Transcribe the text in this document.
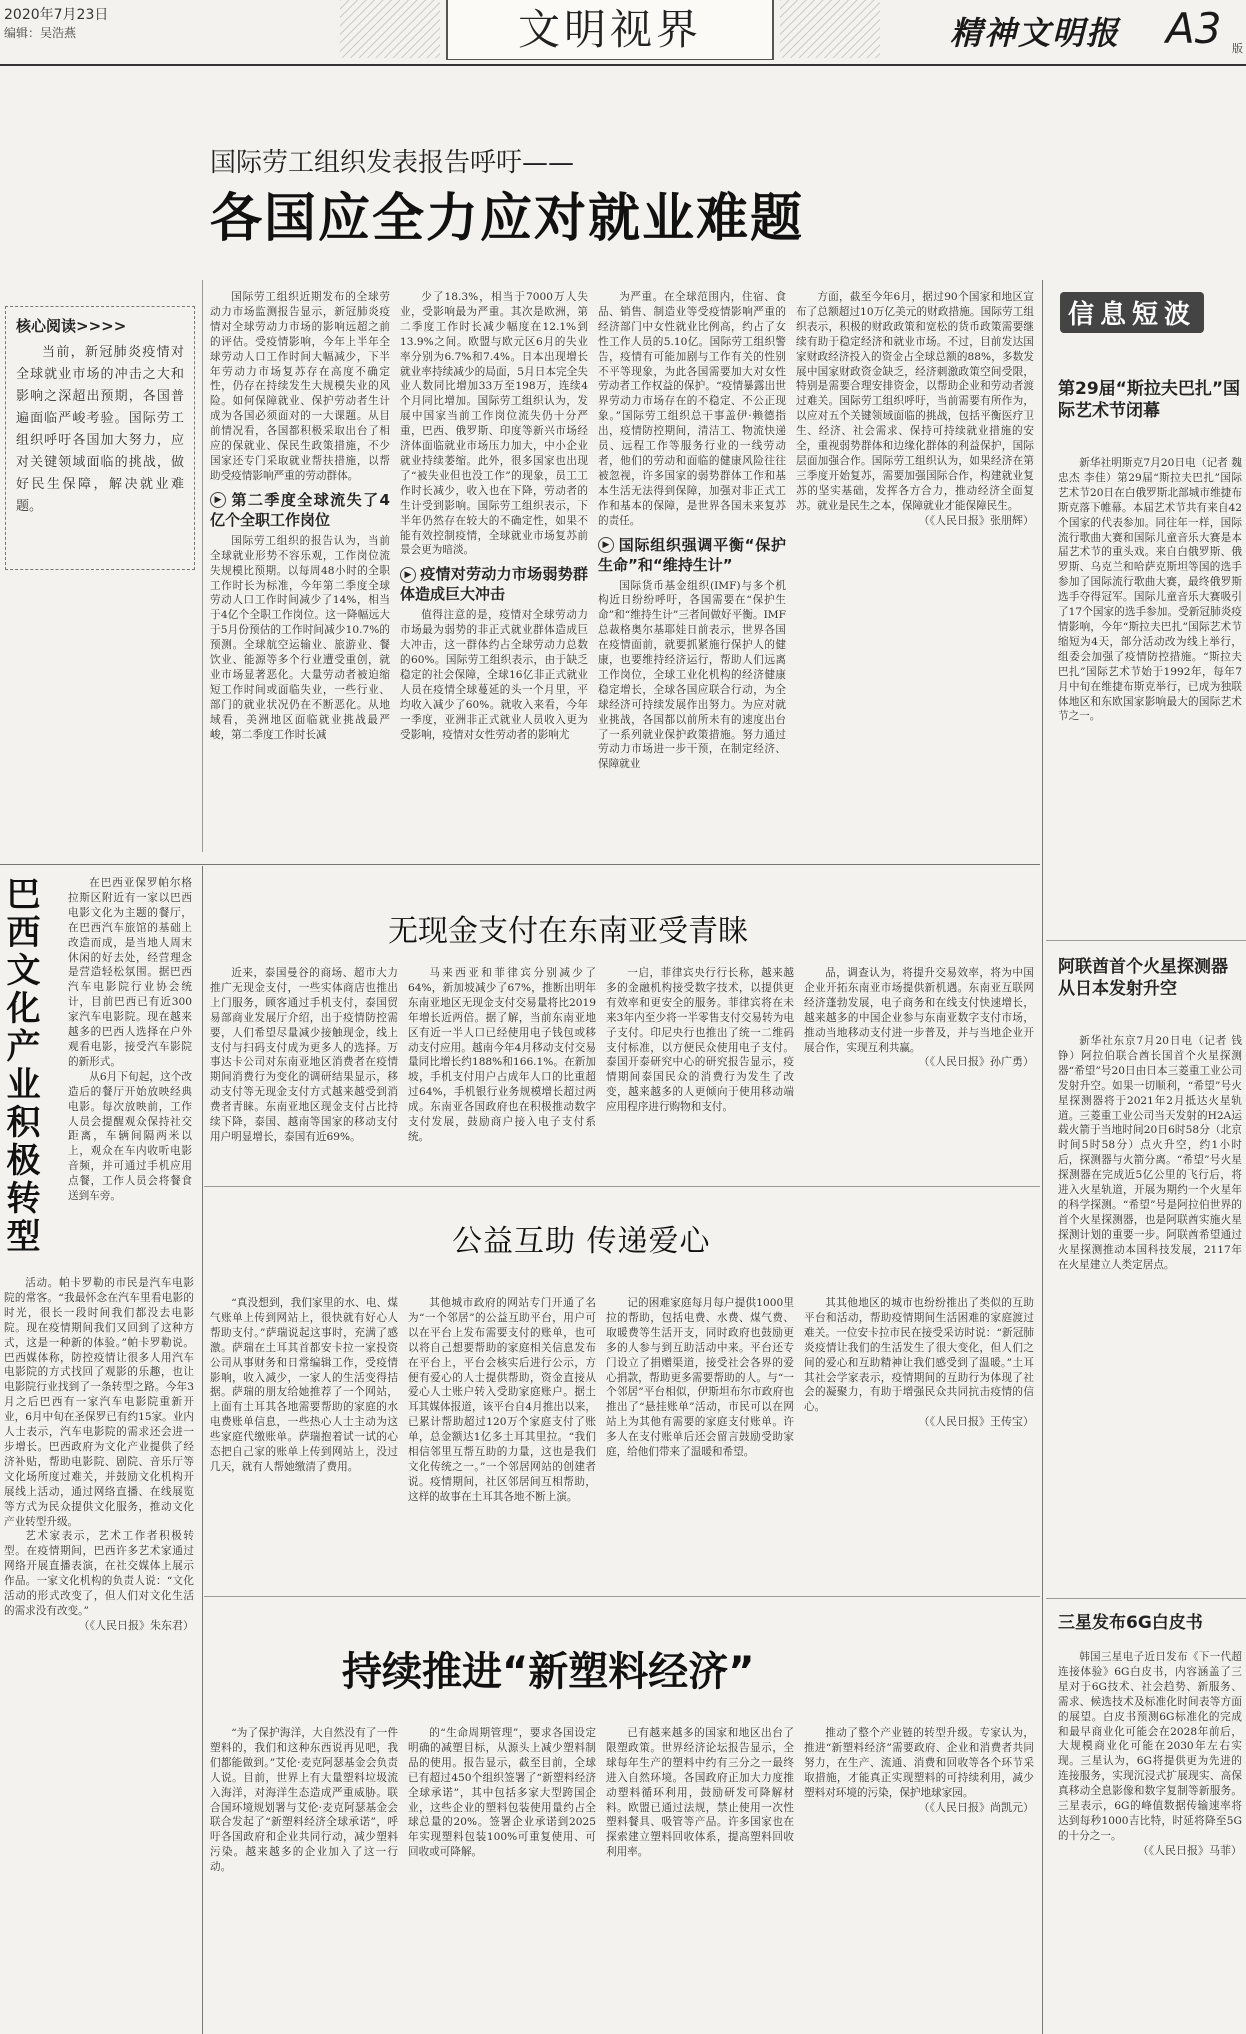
2020年7月23日
编辑：吴浩燕	文明视界	精神文明报 A3 版
国际劳工组织发表报告呼吁——
各国应全力应对就业难题
核心阅读>>>>
当前，新冠肺炎疫情对全球就业市场的冲击之大和影响之深超出预期，各国普遍面临严峻考验。国际劳工组织呼吁各国加大努力，应对关键领域面临的挑战，做好民生保障，解决就业难题。

国际劳工组织近期发布的全球劳动力市场监测报告显示，新冠肺炎疫情对全球劳动力市场的影响远超之前的评估。受疫情影响，今年上半年全球劳动人口工作时间大幅减少，下半年劳动力市场复苏存在高度不确定性，仍存在持续发生大规模失业的风险。如何保障就业、保护劳动者生计成为各国必须面对的一大课题。从目前情况看，各国都积极采取出台了相应的保就业、保民生政策措施，不少国家还专门采取就业帮扶措施，以帮助受疫情影响严重的劳动群体。

▶ 第二季度全球流失了4亿个全职工作岗位

国际劳工组织的报告认为，当前全球就业形势不容乐观，工作岗位流失规模比预期。以每周48小时的全职工作时长为标准，今年第二季度全球劳动人口工作时间减少了14%，相当于4亿个全职工作岗位。这一降幅远大于5月份预估的工作时间减少10.7%的预测。全球航空运输业、旅游业、餐饮业、能源等多个行业遭受重创，就业市场显著恶化。大量劳动者被迫缩短工作时间或面临失业，一些行业、部门的就业状况仍在不断恶化。从地域看，美洲地区面临就业挑战最严峻，第二季度工作时长减

少了18.3%，相当于7000万人失业，受影响最为严重。其次是欧洲，第二季度工作时长减少幅度在12.1%到13.9%之间。欧盟与欧元区6月的失业率分别为6.7%和7.4%。日本出现增长就业率持续减少的局面，5月日本完全失业人数同比增加33万至198万，连续4个月同比增加。国际劳工组织认为，发展中国家当前工作岗位流失仍十分严重，巴西、俄罗斯、印度等新兴市场经济体面临就业市场压力加大，中小企业就业持续萎缩。此外，很多国家也出现了“被失业但也没工作”的现象，员工工作时长减少，收入也在下降，劳动者的生计受到影响。国际劳工组织表示，下半年仍然存在较大的不确定性，如果不能有效控制疫情，全球就业市场复苏前景会更为暗淡。

▶ 疫情对劳动力市场弱势群体造成巨大冲击

值得注意的是，疫情对全球劳动力市场最为弱势的非正式就业群体造成巨大冲击，这一群体约占全球劳动力总数的60%。国际劳工组织表示，由于缺乏稳定的社会保障，全球16亿非正式就业人员在疫情全球蔓延的头一个月里，平均收入减少了60%。就收入来看，今年一季度，亚洲非正式就业人员收入更为受影响，疫情对女性劳动者的影响尤

为严重。在全球范围内，住宿、食品、销售、制造业等受疫情影响严重的经济部门中女性就业比例高，约占了女性工作人员的5.10亿。国际劳工组织警告，疫情有可能加剧与工作有关的性别不平等现象，为此各国需要加大对女性劳动者工作权益的保护。“疫情暴露出世界劳动力市场存在的不稳定、不公正现象。”国际劳工组织总干事盖伊·赖德指出，疫情防控期间，清洁工、物流快递员、远程工作等服务行业的一线劳动者，他们的劳动和面临的健康风险往往被忽视，许多国家的弱势群体工作和基本生活无法得到保障，加强对非正式工作和基本的保障，是世界各国未来复苏的责任。

▶ 国际组织强调平衡“保护生命”和“维持生计”

国际货币基金组织(IMF)与多个机构近日纷纷呼吁，各国需要在“保护生命”和“维持生计”三者间做好平衡。IMF总裁格奥尔基耶娃日前表示，世界各国在疫情面前，就要抓紧施行保护人的健康，也要维持经济运行，帮助人们远离工作岗位，全球工业化机构的经济健康稳定增长，全球各国应联合行动，为全球经济可持续发展作出努力。为应对就业挑战，各国都以前所未有的速度出台了一系列就业保护政策措施。努力通过劳动力市场进一步干预，在制定经济、保障就业

方面，截至今年6月，据过90个国家和地区宣布了总额超过10万亿美元的财政措施。国际劳工组织表示，积极的财政政策和宽松的货币政策需要继续有助于稳定经济和就业市场。不过，目前发达国家财政经济投入的资金占全球总额的88%，多数发展中国家财政资金缺乏，经济刺激政策空间受限，特别是需要合理安排资金，以帮助企业和劳动者渡过难关。国际劳工组织呼吁，当前需要有所作为，以应对五个关键领域面临的挑战，包括平衡医疗卫生、经济、社会需求、保持可持续就业措施的安全，重视弱势群体和边缘化群体的利益保护，国际层面加强合作。国际劳工组织认为，如果经济在第三季度开始复苏，需要加强国际合作，构建就业复苏的坚实基础，发挥各方合力，推动经济全面复苏。就业是民生之本，保障就业才能保障民生。

（《人民日报》张朋辉）

巴西文化产业积极转型	在巴西亚保罗帕尔格拉斯区附近有一家以巴西电影文化为主题的餐厅，在巴西汽车旅馆的基础上改造而成，是当地人周末休闲的好去处，经营理念是营造轻松氛围。据巴西汽车电影院行业协会统计，目前巴西已有近300家汽车电影院。现在越来越多的巴西人选择在户外观看电影，接受汽车影院的新形式。

从6月下旬起，这个改造后的餐厅开始放映经典电影。每次放映前，工作人员会提醒观众保持社交距离，车辆间隔两米以上，观众在车内收听电影音频，并可通过手机应用点餐，工作人员会将餐食送到车旁。

活动。帕卡罗勒的市民是汽车电影院的常客。“我最怀念在汽车里看电影的时光，很长一段时间我们都没去电影院。现在疫情期间我们又回到了这种方式，这是一种新的体验。”帕卡罗勒说。巴西媒体称，防控疫情让很多人用汽车电影院的方式找回了观影的乐趣，也让电影院行业找到了一条转型之路。今年3月之后巴西有一家汽车电影院重新开业，6月中旬在圣保罗已有约15家。业内人士表示，汽车电影院的需求还会进一步增长。巴西政府为文化产业提供了经济补贴，帮助电影院、剧院、音乐厅等文化场所度过难关，并鼓励文化机构开展线上活动，通过网络直播、在线展览等方式为民众提供文化服务，推动文化产业转型升级。

艺术家表示，艺术工作者积极转型。在疫情期间，巴西许多艺术家通过网络开展直播表演，在社交媒体上展示作品。一家文化机构的负责人说：“文化活动的形式改变了，但人们对文化生活的需求没有改变。”

（《人民日报》朱东君）

无现金支付在东南亚受青睐

近来，泰国曼谷的商场、超市大力推广无现金支付，一些实体商店也推出上门服务，顾客通过手机支付，泰国贸易部商业发展厅介绍，出于疫情防控需要，人们希望尽量减少接触现金，线上支付与扫码支付成为更多人的选择。万事达卡公司对东南亚地区消费者在疫情期间消费行为变化的调研结果显示，移动支付等无现金支付方式越来越受到消费者青睐。东南亚地区现金支付占比持续下降，泰国、越南等国家的移动支付用户明显增长，泰国有近69%。

马来西亚和菲律宾分别减少了64%，新加坡减少了67%，推断出明年东南亚地区无现金支付交易量将比2019年增长近两倍。据了解，当前东南亚地区有近一半人口已经使用电子钱包或移动支付应用。越南今年4月移动支付交易量同比增长约188%和166.1%。在新加坡，手机支付用户占成年人口的比重超过64%，手机银行业务规模增长超过两成。东南亚各国政府也在积极推动数字支付发展，鼓励商户接入电子支付系统。

一启，菲律宾央行行长称，越来越多的金融机构接受数字技术，以提供更有效率和更安全的服务。菲律宾将在未来3年内至少将一半零售支付交易转为电子支付。印尼央行也推出了统一二维码支付标准，以方便民众使用电子支付。泰国开泰研究中心的研究报告显示，疫情期间泰国民众的消费行为发生了改变，越来越多的人更倾向于使用移动端应用程序进行购物和支付。

品，调查认为，将提升交易效率，将为中国企业开拓东南亚市场提供新机遇。东南亚互联网经济蓬勃发展，电子商务和在线支付快速增长，越来越多的中国企业参与东南亚数字支付市场，推动当地移动支付进一步普及，并与当地企业开展合作，实现互利共赢。

（《人民日报》孙广勇）

公益互助 传递爱心

“真没想到，我们家里的水、电、煤气账单上传到网站上，很快就有好心人帮助支付。”萨瑞说起这事时，充满了感激。萨瑞在土耳其首都安卡拉一家投资公司从事财务和日常编辑工作，受疫情影响，收入减少，一家人的生活变得拮据。萨瑞的朋友给她推荐了一个网站，上面有土耳其各地需要帮助的家庭的水电费账单信息，一些热心人士主动为这些家庭代缴账单。萨瑞抱着试一试的心态把自己家的账单上传到网站上，没过几天，就有人帮她缴清了费用。

其他城市政府的网站专门开通了名为“一个邻居”的公益互助平台，用户可以在平台上发布需要支付的账单，也可以将自己想要帮助的家庭相关信息发布在平台上，平台会核实后进行公示，方便有爱心的人士提供帮助，资金直接从爱心人士账户转入受助家庭账户。据土耳其媒体报道，该平台自4月推出以来，已累计帮助超过120万个家庭支付了账单，总金额达1亿多土耳其里拉。“我们相信邻里互帮互助的力量，这也是我们文化传统之一。”一个邻居网站的创建者说。疫情期间，社区邻居间互相帮助，这样的故事在土耳其各地不断上演。

记的困难家庭每月每户提供1000里拉的帮助，包括电费、水费、煤气费、取暖费等生活开支，同时政府也鼓励更多的人参与到互助活动中来。平台还专门设立了捐赠渠道，接受社会各界的爱心捐款，帮助更多需要帮助的人。与“一个邻居”平台相似，伊斯坦布尔市政府也推出了“悬挂账单”活动，市民可以在网站上为其他有需要的家庭支付账单。许多人在支付账单后还会留言鼓励受助家庭，给他们带来了温暖和希望。

其其他地区的城市也纷纷推出了类似的互助平台和活动，帮助疫情期间生活困难的家庭渡过难关。一位安卡拉市民在接受采访时说：“新冠肺炎疫情让我们的生活发生了很大变化，但人们之间的爱心和互助精神让我们感受到了温暖。”土耳其社会学家表示，疫情期间的互助行为体现了社会的凝聚力，有助于增强民众共同抗击疫情的信心。

（《人民日报》王传宝）

持续推进“新塑料经济”

“为了保护海洋，大自然没有了一件塑料的，我们和这种东西说再见吧，我们都能做到。”艾伦·麦克阿瑟基金会负责人说。目前，世界上有大量塑料垃圾流入海洋，对海洋生态造成严重威胁。联合国环境规划署与艾伦·麦克阿瑟基金会联合发起了“新塑料经济全球承诺”，呼吁各国政府和企业共同行动，减少塑料污染。越来越多的企业加入了这一行动。

的“生命周期管理”，要求各国设定明确的减塑目标，从源头上减少塑料制品的使用。报告显示，截至目前，全球已有超过450个组织签署了“新塑料经济全球承诺”，其中包括多家大型跨国企业，这些企业的塑料包装使用量约占全球总量的20%。签署企业承诺到2025年实现塑料包装100%可重复使用、可回收或可降解。

已有越来越多的国家和地区出台了限塑政策。世界经济论坛报告显示，全球每年生产的塑料中约有三分之一最终进入自然环境。各国政府正加大力度推动塑料循环利用，鼓励研发可降解材料。欧盟已通过法规，禁止使用一次性塑料餐具、吸管等产品。许多国家也在探索建立塑料回收体系，提高塑料回收利用率。

推动了整个产业链的转型升级。专家认为，推进“新塑料经济”需要政府、企业和消费者共同努力，在生产、流通、消费和回收等各个环节采取措施，才能真正实现塑料的可持续利用，减少塑料对环境的污染，保护地球家园。

（《人民日报》尚凯元）

信息短波
第29届“斯拉夫巴扎”国际艺术节闭幕

新华社明斯克7月20日电（记者 魏忠杰 李佳）第29届“斯拉夫巴扎”国际艺术节20日在白俄罗斯北部城市维捷布斯克落下帷幕。本届艺术节共有来自42个国家的代表参加。同往年一样，国际流行歌曲大赛和国际儿童音乐大赛是本届艺术节的重头戏。来自白俄罗斯、俄罗斯、乌克兰和哈萨克斯坦等国的选手参加了国际流行歌曲大赛，最终俄罗斯选手夺得冠军。国际儿童音乐大赛吸引了17个国家的选手参加。受新冠肺炎疫情影响，今年“斯拉夫巴扎”国际艺术节缩短为4天，部分活动改为线上举行，组委会加强了疫情防控措施。“斯拉夫巴扎”国际艺术节始于1992年，每年7月中旬在维捷布斯克举行，已成为独联体地区和东欧国家影响最大的国际艺术节之一。

阿联酋首个火星探测器从日本发射升空

新华社东京7月20日电（记者 钱铮）阿拉伯联合酋长国首个火星探测器“希望”号20日由日本三菱重工业公司发射升空。如果一切顺利，“希望”号火星探测器将于2021年2月抵达火星轨道。三菱重工业公司当天发射的H2A运载火箭于当地时间20日6时58分（北京时间5时58分）点火升空，约1小时后，探测器与火箭分离。“希望”号火星探测器在完成近5亿公里的飞行后，将进入火星轨道，开展为期约一个火星年的科学探测。“希望”号是阿拉伯世界的首个火星探测器，也是阿联酋实施火星探测计划的重要一步。阿联酋希望通过火星探测推动本国科技发展，2117年在火星建立人类定居点。

三星发布6G白皮书

韩国三星电子近日发布《下一代超连接体验》6G白皮书，内容涵盖了三星对于6G技术、社会趋势、新服务、需求、候选技术及标准化时间表等方面的展望。白皮书预测6G标准化的完成和最早商业化可能会在2028年前后，大规模商业化可能在2030年左右实现。三星认为，6G将提供更为先进的连接服务，实现沉浸式扩展现实、高保真移动全息影像和数字复制等新服务。三星表示，6G的峰值数据传输速率将达到每秒1000吉比特，时延将降至5G的十分之一。

（《人民日报》马菲）
